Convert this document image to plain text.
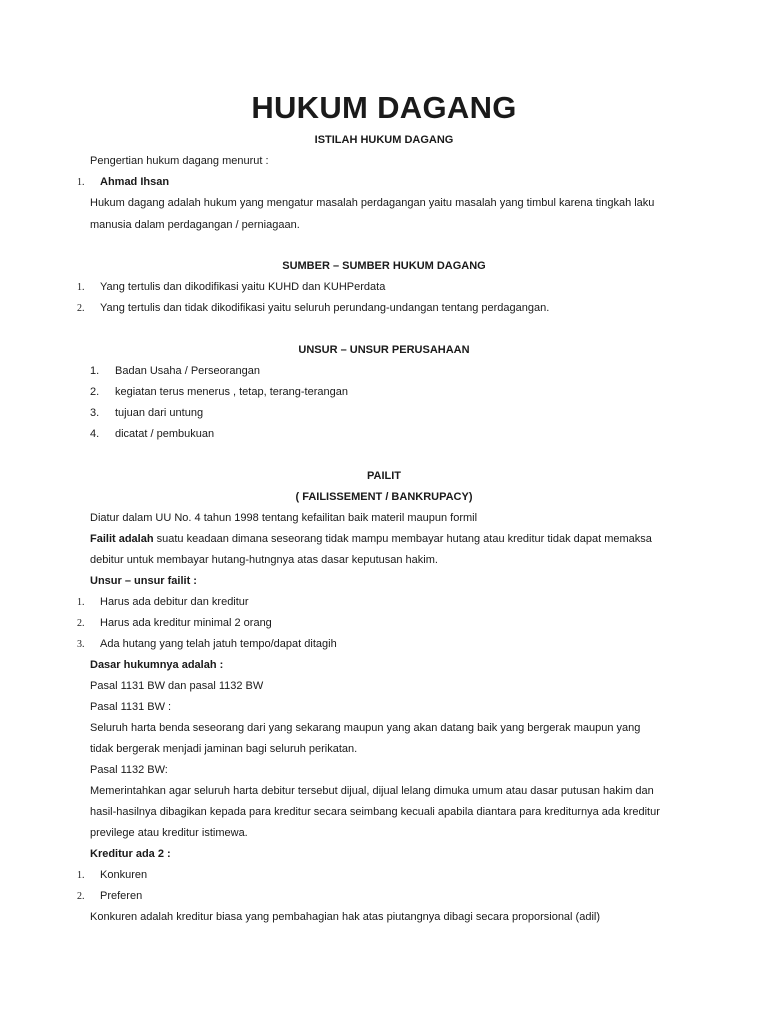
HUKUM DAGANG
ISTILAH HUKUM DAGANG
Pengertian hukum dagang menurut :
1. Ahmad Ihsan
Hukum dagang adalah hukum yang mengatur masalah perdagangan yaitu masalah yang timbul karena tingkah laku
manusia dalam perdagangan / perniagaan.
SUMBER – SUMBER HUKUM DAGANG
1. Yang tertulis dan dikodifikasi yaitu KUHD dan KUHPerdata
2. Yang tertulis dan tidak dikodifikasi yaitu seluruh perundang-undangan tentang perdagangan.
UNSUR – UNSUR PERUSAHAAN
1. Badan Usaha / Perseorangan
2. kegiatan terus menerus , tetap, terang-terangan
3. tujuan dari untung
4. dicatat / pembukuan
PAILIT
( FAILISSEMENT / BANKRUPACY)
Diatur dalam UU No. 4 tahun 1998 tentang kefailitan baik materil maupun formil
Failit adalah suatu keadaan dimana seseorang tidak mampu membayar hutang atau kreditur tidak dapat memaksa
debitur untuk membayar hutang-hutngnya atas dasar keputusan hakim.
Unsur – unsur failit :
1. Harus ada debitur dan kreditur
2. Harus ada kreditur minimal 2 orang
3. Ada hutang yang telah jatuh tempo/dapat ditagih
Dasar hukumnya adalah :
Pasal 1131 BW dan pasal 1132 BW
Pasal 1131 BW :
Seluruh harta benda seseorang dari yang sekarang maupun yang akan datang baik yang bergerak maupun yang
tidak bergerak menjadi jaminan bagi seluruh perikatan.
Pasal 1132 BW:
Memerintahkan agar seluruh harta debitur tersebut dijual, dijual lelang dimuka umum atau dasar putusan hakim dan
hasil-hasilnya dibagikan kepada para kreditur secara seimbang kecuali apabila diantara para krediturnya ada kreditur
previlege atau kreditur istimewa.
Kreditur ada 2 :
1. Konkuren
2. Preferen
Konkuren adalah kreditur biasa yang pembahagian hak atas piutangnya dibagi secara proporsional (adil)
